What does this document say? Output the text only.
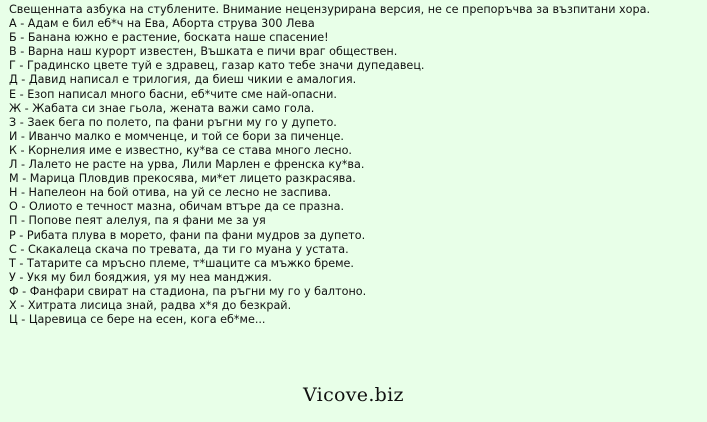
Свещенната азбука на стублените. Внимание нецензурирана версия, не се препоръчва за възпитани хора.

А - Адам е бил еб*ч на Ева, Аборта струва 300 Лева
Б - Банана южно е растение, боската наше спасение!
В - Варна наш курорт известен, Въшката е пичи враг обществен.
Г - Градинско цвете туй е здравец, газар като тебе значи дупедавец.
Д - Давид написал е трилогия, да биеш чикии е амалогия.
Е - Езоп написал много басни, еб*чите сме най-опасни.
Ж - Жабата си знае гьола, жената важи само гола.
З - Заек бега по полето, па фани ръгни му го у дупето.
И - Иванчо малко е момченце, и той се бори за пиченце.
К - Корнелия име е известно, ку*ва се става много лесно.
Л - Лалето не расте на урва, Лили Марлен е френска ку*ва.
М - Марица Пловдив прекосява, ми*ет лицето разкрасява.
Н - Напелеон на бой отива, на уй се лесно не заспива.
О - Олиото е течност мазна, обичам втъре да се празна.
П - Попове пеят алелуя, па я фани ме за уя
Р - Рибата плува в морето, фани па фани мудров за дупето.
С - Скакалеца скача по тревата, да ти го муана у устата.
Т - Татарите са мръсно племе, т*шаците са мъжко бреме.
У - Укя му бил бояджия, уя му неа манджия.
Ф - Фанфари свират на стадиона, па ръгни му го у балтоно.
Х - Хитрата лисица знай, радва х*я до безкрай.
Ц - Царевица се бере на есен, кога еб*ме...
Vicove.biz
